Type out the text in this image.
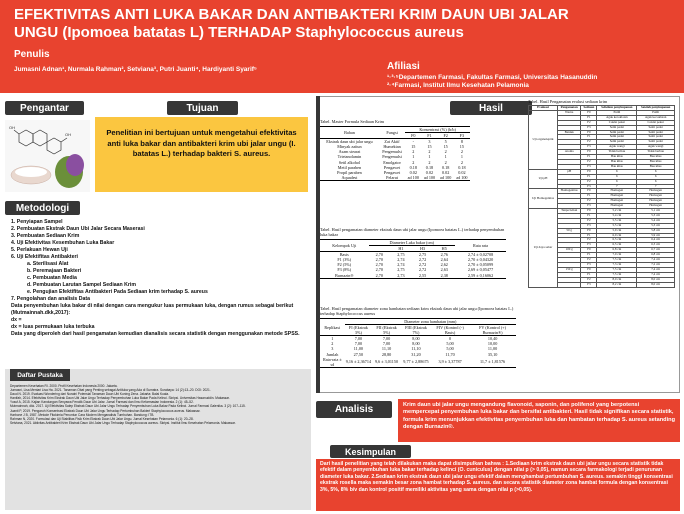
EFEKTIVITAS ANTI LUKA BAKAR DAN ANTIBAKTERI KRIM DAUN UBI JALAR UNGU (Ipomoea batatas L) TERHADAP Staphylococcus aureus
Penulis
Jumasni Adnan¹, Nurmala Rahman², Setviana³, Putri Juanti⁴, Hardiyanti Syarif⁵	Afiliasi
¹·³·⁵Departemen Farmasi, Fakultas Farmasi, Universitas Hasanuddin
²·⁴Farmasi, Institut Ilmu Kesehatan Pelamonia
Pengantar
OH
OH
Tujuan
Penelitian ini bertujuan untuk mengetahui efektivitas anti luka bakar dan antibakteri krim ubi jalar ungu (I. batatas L.) terhadap bakteri S. aureus.
Metodologi
1. Penyiapan Sampel
2. Pembuatan Ekstrak Daun Ubi Jalar Secara Maserasi
3. Pembuatan Sediaan Krim
4. Uji Efektivitas Kesembuhan Luka Bakar
5. Perlakuan Hewan Uji
6. Uji Efektifitas Antibakteri
a. Sterilisasi Alat
b. Peremajaan Bakteri
c. Pembuatan Media
d. Pembuatan Larutan Sampel Sediaan Krim
e. Pengujian Efektifitas Antibakteri Pada Sediaan krim terhadap S. aureus
7. Pengolahan dan analisis Data
Data penyembuhan luka bakar di nilai dengan cara mengukur luas permukaan luka, dengan rumus sebagai berikut (Mutmainnah.dkk,2017):
dx =
dx = luas permukaan luka terbuka
Data yang diperoleh dari hasil pengamatan kemudian dianalisis secara statistik dengan menggunakan metode SPSS.
Daftar Pustaka
Departemen Kesehatan RI. 2000. Profil Kesehatan Indonesia 2000. Jakarta.
Jumasni, Lisa Mentari Lisa Ha. 2021. Tanaman Obat yang Penting sebagai Antiluka yang Ada di Sumatra. Surabaya: 14 (2):13–20. DOI: 2021.
Daud N. 2019. Evaluasi Wondering dari Nuraini Potensial Tanaman Daun Ubi Kuning Zena. Jakarta: Balai Kuala.
Hanifah, 2014. Efektivitas Krim Ekstrak Daun Ubi Jalar Ungu Terhadap Penyembuhan Luka Bakar Pada Kelinci. Skripsi. Universitas Hasanuddin. Makassar.
Yusuf A, 2015. Kajian Kandungan Senyawa Fenolik Daun Ubi Jalar. Jurnal Farmasi dan Ilmu Kefarmasian Indonesia. 2 (1): 45–52.
Mutmainnah, dkk. 2017. Uji Efektivitas Salep Ekstrak Daun Ubi Jalar Ungu Terhadap Penyembuhan Luka Bakar Pada Kelinci. Jurnal Farmasi Galenika. 3 (2): 107–115.
Juanti P, 2019. Pengaruh Konsentrasi Ekstrak Daun Ubi Jalar Ungu Terhadap Pertumbuhan Bakteri Staphylococcus aureus. Makassar.
Harbone J B, 1987. Metode Fitokimia Penuntun Cara Modern Menganalisis Tumbuhan. Bandung: ITB.
Rahman N, 2020. Formulasi dan Uji Stabilitas Fisik Krim Ekstrak Daun Ubi Jalar Ungu. Jurnal Kesehatan Pelamonia. 6 (1): 20–28.
Setviana, 2021. Aktivitas Antibakteri Krim Ekstrak Daun Ubi Jalar Ungu Terhadap Staphylococcus aureus. Skripsi. Institut Ilmu Kesehatan Pelamonia. Makassar.
Hasil
Tabel. Master Formula Sediaan Krim
Bahan	Fungsi	Konsentrasi (%) (b/b)			
		F0	F1	F2	F3
Ekstrak daun ubi jalar ungu	Zat Aktif	-	3	5	8
Minyak zaitun	Humektan	15	15	15	15
Asam stearat	Pengemulsi	2	2	2	2
Trietanolamin	Pengemulsi	1	1	1	1
Setil alkohol	Emolgator	2	2	2	2
Metil paraben	Pengawet	0.18	0.18	0.18	0.18
Propil paraben	Pengawet	0.02	0.02	0.02	0.02
Aquadest	Pelarut	ad 100	ad 100	ad 100	ad 100
Tabel. Hasil pengamatan diameter ekstrak daun ubi jalar ungu (Ipomoea batatas L.) terhadap penyembuhan luka bakar
Kelompok Uji	Diameter Luka bakar (cm)				Rata rata
		H1	H3	H5	
Basis	2,70	2,75	2,75	2,76	2,74 ± 0,02708
F1 (3%)	2,70	2,74	2,72	2,64	2,70 ± 0,04320
F2 (5%)	2,70	2,74	2,72	2,62	2,70 ± 0,05099
F3 (8%)	2,70	2,75	2,72	2,63	2,69 ± 0,05477
Burnazin®	2,70	2,73	2,55	2,38	2,59 ± 0,16062
Tabel. Hasil pengamatan diameter zona hambatan sediaan krim ekstrak daun ubi jalar ungu (Ipomoea batatas L.) terhadap Staphylococcus aureus
Replikasi	Diameter zona hambatan (mm)				
	FI (Ekstrak 3%)	FII (Ekstrak 5%)	FIII (Ekstrak 7%)	FIV (Kontrol (-) Basis)	FV (Kontrol (+) Burnazin®)
1	7,00	7,00	8,00	0	10,40
2	7,00	7,00	8,00	5,00	10,00
3	11,00	11,10	11,10	5,00	11,00
Jumlah	27,50	28,80	31,20	11,70	35,10
Rata-rata ± sd	9,16 ± 2,36714	9,6 ± 3,01150	9,77 ± 2,88675	3,9 ± 3,37787	11,7 ± 1,81576
Tabel. Hasil Pengamatan evalusi sediaan krim
Evaluasi	Pengamatan	Sediaan	Sebelum penyimpanan	Setelah penyimpanan
Uji organoleptik	Warna	F0	Putih	Putih
		F1	Agak kecoklatan	Agak kecoklatan
		F2	Coklat pekat	Coklat pekat
		F3	Semi padat	Semi padat
	Bentuk	F0	Semi padat	Semi padat
		F1	Semi padat	Semi padat
		F2	Semi padat	Semi padat
		F3	Agak wangi	Agak wangi
	Aroma	F0	Tidak berbau	Tidak berbau
		F1	Bau khas	Bau khas
		F2	Bau khas	Bau khas
		F3	Bau khas	Bau khas
Uji pH	pH	F0	6	6
		F1	6	6
		F2	6	6
		F3	7	7
Uji Homogenitas	Homogenitas	F0	Homogen	Homogen
		F1	Homogen	Homogen
		F2	Homogen	Homogen
		F3	Homogen	Homogen
Uji daya sebar	Tanpa beban	F0	5,2 cm	5,1 cm
		F1	5,4 cm	5,3 cm
		F2	5,5 cm	5,4 cm
		F3	5,5 cm	5,3 cm
	50 g	F0	5,9 cm	5,8 cm
		F1	6,0 cm	5,9 cm
		F2	6,5 cm	6,4 cm
		F3	6,5 cm	6,3 cm
	100 g	F0	6,8 cm	6,7 cm
		F1	7,0 cm	6,8 cm
		F2	7,5 cm	7,4 cm
		F3	7,3 cm	7,2 cm
	150 g	F0	7,5 cm	7,4 cm
		F1	7,5 cm	7,4 cm
		F2	8,0 cm	8,0 cm
		F3	8,2 cm	8,0 cm
Analisis	Krim daun ubi jalar ungu mengandung flavonoid, saponin, dan polifenol yang berpotensi mempercepat penyembuhan luka bakar dan bersifat antibakteri. Hasil tidak signifikan secara statistik, formula krim menunjukkan efektivitas penyembuhan luka dan hambatan terhadap S. aureus setanding dengan Burnazin®.
Kesimpulan
Dari hasil penelitian yang telah dilakukan maka dapat disimpulkan bahwa : 1.Sediaan krim ekstrak daun ubi jalar ungu secara statistik tidak efektif dalam penyembuhan luka bakar terhadap kelinci (O. cuniculus) dengan nilai p (> 0,05), namun secara farmakologi terjadi penurunan diameter luka bakar. 2.Sediaan krim ekstrak daun ubi jalar ungu efektif dalam menghambat pertumbuhan S. aureus. semakin tinggi konsentrasi ekstrak rosella maka semakin besar zona hambat terhadap S. aureus. dan secara statistik diameter zona hambat formula dengan konsentrasi 3%, 5%, 8% b/v dan kontrol positif memiliki aktivitas yang sama dengan nilai p (>0,05).
